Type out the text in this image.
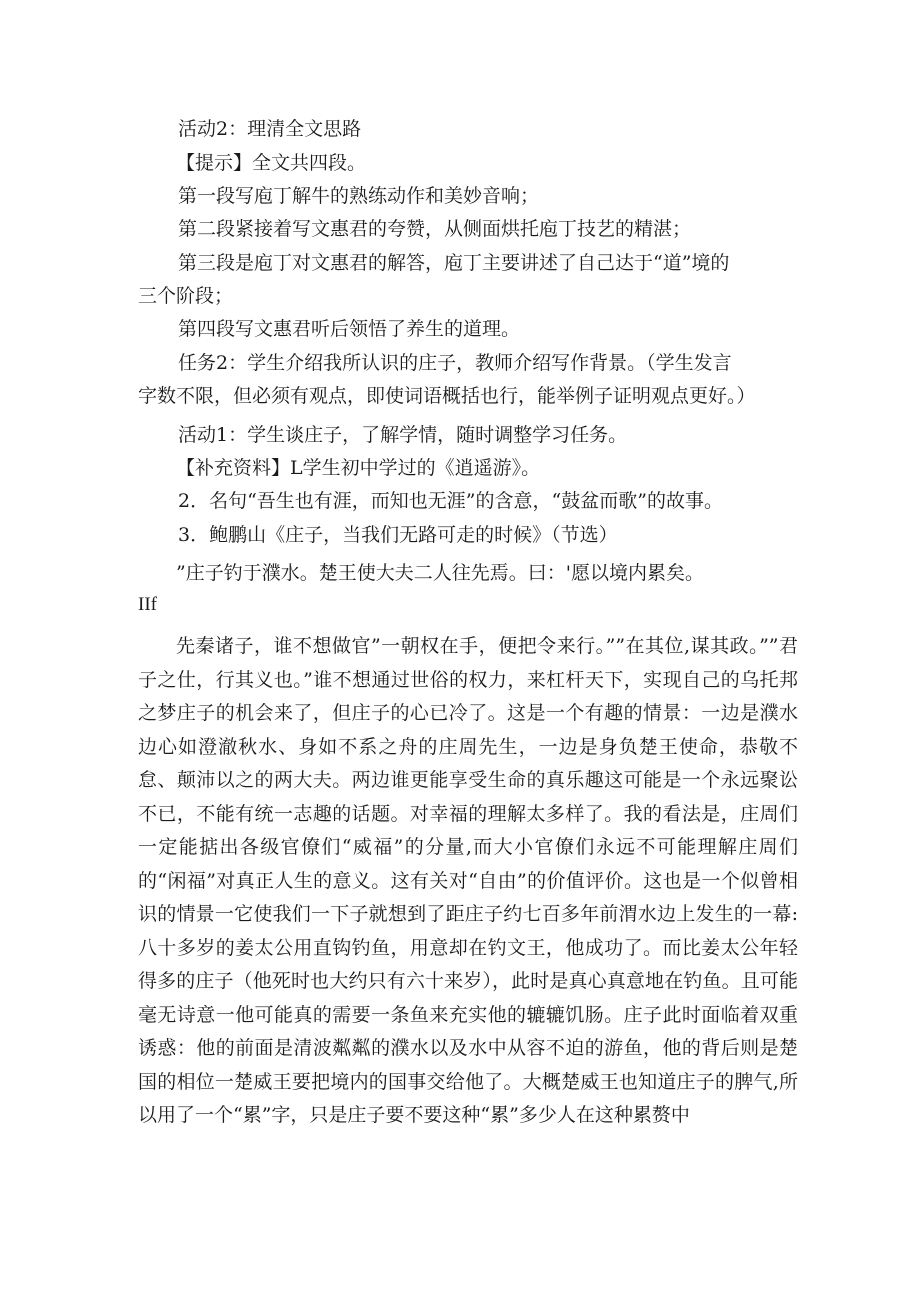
活动2：理清全文思路
【提示】全文共四段。
第一段写庖丁解牛的熟练动作和美妙音响；
第二段紧接着写文惠君的夸赞，从侧面烘托庖丁技艺的精湛；
第三段是庖丁对文惠君的解答，庖丁主要讲述了自己达于“道”境的
三个阶段；
第四段写文惠君听后领悟了养生的道理。
任务2：学生介绍我所认识的庄子，教师介绍写作背景。（学生发言
字数不限，但必须有观点，即使词语概括也行，能举例子证明观点更好。）
活动1：学生谈庄子，了解学情，随时调整学习任务。
【补充资料】L学生初中学过的《逍遥游》。
2．名句“吾生也有涯，而知也无涯”的含意，“鼓盆而歌”的故事。
3．鲍鹏山《庄子，当我们无路可走的时候》（节选）
”庄子钓于濮水。楚王使大夫二人往先焉。曰：'愿以境内累矣。
IIf
先秦诸子，谁不想做官”一朝权在手，便把令来行。””在其位,谋其政。””君子之仕，行其义也。”谁不想通过世俗的权力，来杠杆天下，实现自己的乌托邦之梦庄子的机会来了，但庄子的心已冷了。这是一个有趣的情景：一边是濮水边心如澄澈秋水、身如不系之舟的庄周先生，一边是身负楚王使命，恭敬不怠、颠沛以之的两大夫。两边谁更能享受生命的真乐趣这可能是一个永远聚讼不已，不能有统一志趣的话题。对幸福的理解太多样了。我的看法是，庄周们一定能掂出各级官僚们“威福”的分量,而大小官僚们永远不可能理解庄周们的“闲福”对真正人生的意义。这有关对“自由”的价值评价。这也是一个似曾相识的情景一它使我们一下子就想到了距庄子约七百多年前渭水边上发生的一幕:八十多岁的姜太公用直钩钓鱼，用意却在钓文王，他成功了。而比姜太公年轻得多的庄子（他死时也大约只有六十来岁），此时是真心真意地在钓鱼。且可能毫无诗意一他可能真的需要一条鱼来充实他的辘辘饥肠。庄子此时面临着双重诱惑：他的前面是清波粼粼的濮水以及水中从容不迫的游鱼，他的背后则是楚国的相位一楚威王要把境内的国事交给他了。大概楚威王也知道庄子的脾气,所以用了一个“累”字，只是庄子要不要这种“累”多少人在这种累赘中
